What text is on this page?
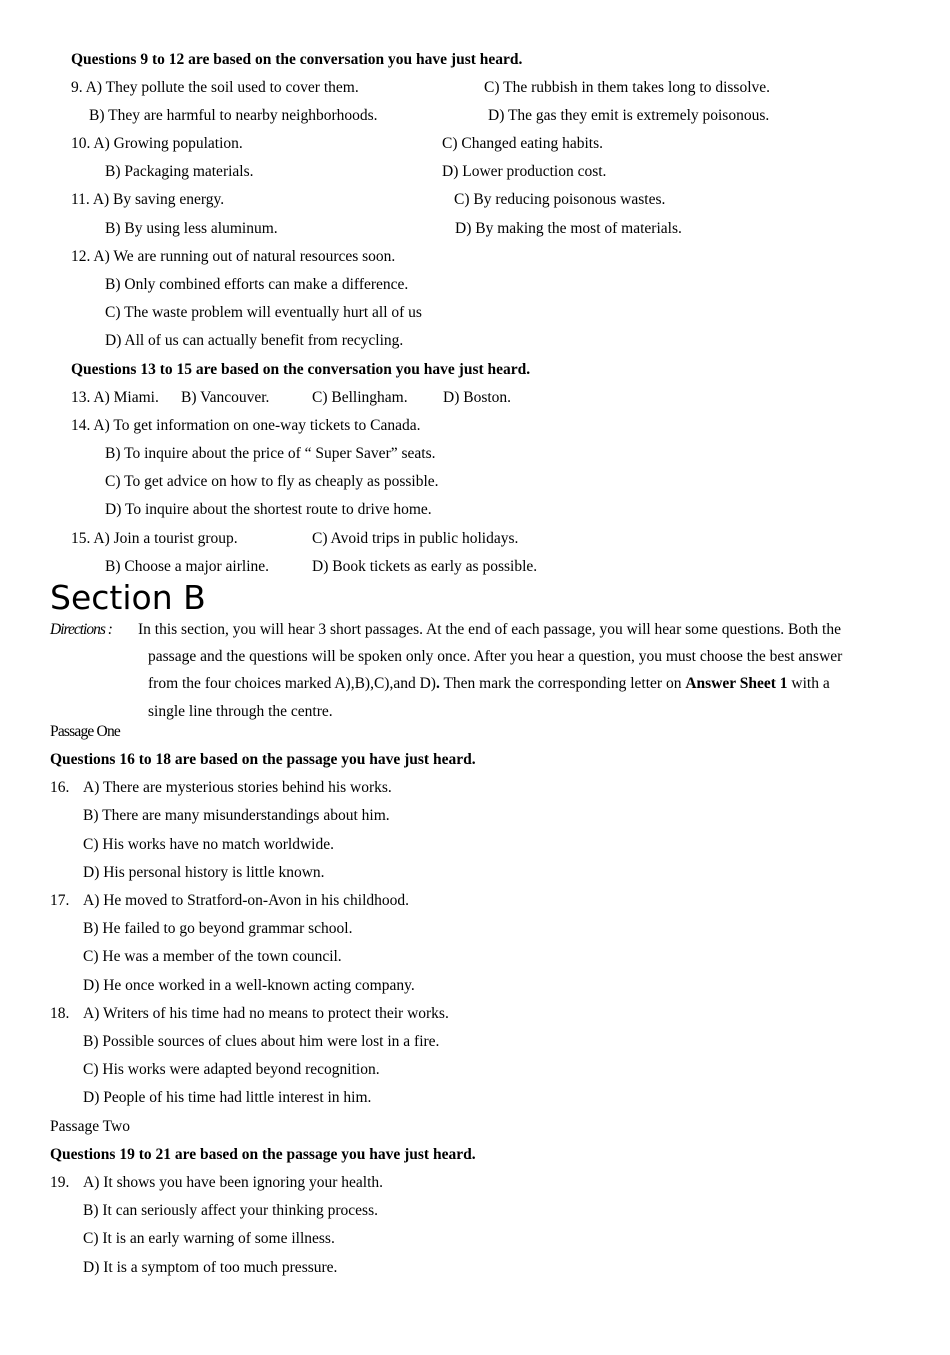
Questions 9 to 12 are based on the conversation you have just heard.
9. A) They pollute the soil used to cover them.	C) The rubbish in them takes long to dissolve.
B) They are harmful to nearby neighborhoods.	D) The gas they emit is extremely poisonous.
10. A) Growing population.	C) Changed eating habits.
B) Packaging materials.	D) Lower production cost.
11. A) By saving energy.	C) By reducing poisonous wastes.
B) By using less aluminum.	D) By making the most of materials.
12. A) We are running out of natural resources soon.
B) Only combined efforts can make a difference.
C) The waste problem will eventually hurt all of us
D) All of us can actually benefit from recycling.
Questions 13 to 15 are based on the conversation you have just heard.
13. A) Miami. B) Vancouver.	C) Bellingham. D) Boston.
14. A) To get information on one-way tickets to Canada.
B) To inquire about the price of “ Super Saver” seats.
C) To get advice on how to fly as cheaply as possible.
D) To inquire about the shortest route to drive home.
15. A) Join a tourist group.	C) Avoid trips in public holidays.
B) Choose a major airline.	D) Book tickets as early as possible.
Section B
Directions : In this section, you will hear 3 short passages. At the end of each passage, you will hear some questions. Both the
passage and the questions will be spoken only once. After you hear a question, you must choose the best answer
from the four choices marked A),B),C),and D). Then mark the corresponding letter on Answer Sheet 1 with a
single line through the centre.
Passage One
Questions 16 to 18 are based on the passage you have just heard.
16. A) There are mysterious stories behind his works.
B) There are many misunderstandings about him.
C) His works have no match worldwide.
D) His personal history is little known.
17. A) He moved to Stratford-on-Avon in his childhood.
B) He failed to go beyond grammar school.
C) He was a member of the town council.
D) He once worked in a well-known acting company.
18. A) Writers of his time had no means to protect their works.
B) Possible sources of clues about him were lost in a fire.
C) His works were adapted beyond recognition.
D) People of his time had little interest in him.
Passage Two
Questions 19 to 21 are based on the passage you have just heard.
19. A) It shows you have been ignoring your health.
B) It can seriously affect your thinking process.
C) It is an early warning of some illness.
D) It is a symptom of too much pressure.
